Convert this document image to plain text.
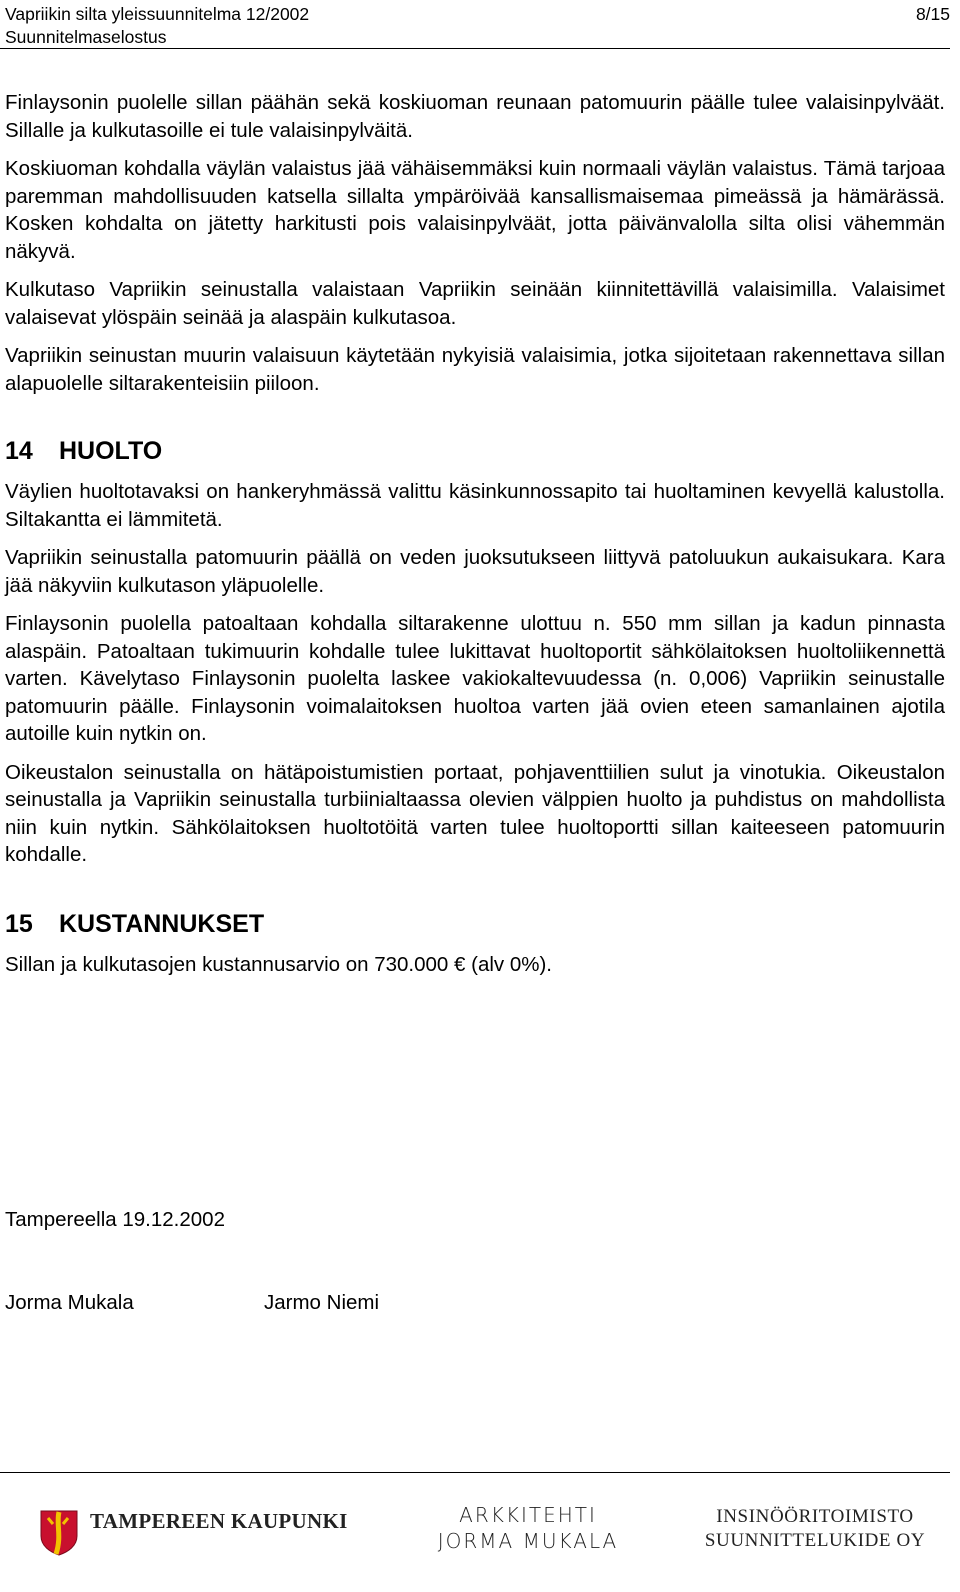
Vapriikin silta yleissuunnitelma 12/2002
Suunnitelmaselostus
8/15

Finlaysonin puolelle sillan päähän sekä koskiuoman reunaan patomuurin päälle tulee valaisinpylväät. Sillalle ja kulkutasoille ei tule valaisinpylväitä.

Koskiuoman kohdalla väylän valaistus jää vähäisemmäksi kuin normaali väylän valaistus. Tämä tarjoaa paremman mahdollisuuden katsella sillalta ympäröivää kansallismaisemaa pimeässä ja hämärässä. Kosken kohdalta on jätetty harkitusti pois valaisinpylväät, jotta päivänvalolla silta olisi vähemmän näkyvä.

Kulkutaso Vapriikin seinustalla valaistaan Vapriikin seinään kiinnitettävillä valaisimilla. Valaisimet valaisevat ylöspäin seinää ja alaspäin kulkutasoa.

Vapriikin seinustan muurin valaisuun käytetään nykyisiä valaisimia, jotka sijoitetaan rakennettava sillan alapuolelle siltarakenteisiin piiloon.

14	HUOLTO

Väylien huoltotavaksi on hankeryhmässä valittu käsinkunnossapito tai huoltaminen kevyellä kalustolla. Siltakantta ei lämmitetä.

Vapriikin seinustalla patomuurin päällä on veden juoksutukseen liittyvä patoluukun aukaisukara. Kara jää näkyviin kulkutason yläpuolelle.

Finlaysonin puolella patoaltaan kohdalla siltarakenne ulottuu n. 550 mm sillan ja kadun pinnasta alaspäin. Patoaltaan tukimuurin kohdalle tulee lukittavat huoltoportit sähkölaitoksen huoltoliikennettä varten. Kävelytaso Finlaysonin puolelta laskee vakiokaltevuudessa (n. 0,006) Vapriikin seinustalle patomuurin päälle. Finlaysonin voimalaitoksen huoltoa varten jää ovien eteen samanlainen ajotila autoille kuin nytkin on.

Oikeustalon seinustalla on hätäpoistumistien portaat, pohjaventtiilien sulut ja vinotukia. Oikeustalon seinustalla ja Vapriikin seinustalla turbiinialtaassa olevien välppien huolto ja puhdistus on mahdollista niin kuin nytkin. Sähkölaitoksen huoltotöitä varten tulee huoltoportti sillan kaiteeseen patomuurin kohdalle.

15	KUSTANNUKSET

Sillan ja kulkutasojen kustannusarvio on 730.000 € (alv 0%).

Tampereella 19.12.2002
Jorma Mukala	Jarmo Niemi
TAMPEREEN KAUPUNKI	ARKKITEHTI
JORMA MUKALA
INSINÖÖRITOIMISTO
SUUNNITTELUKIDE OY
